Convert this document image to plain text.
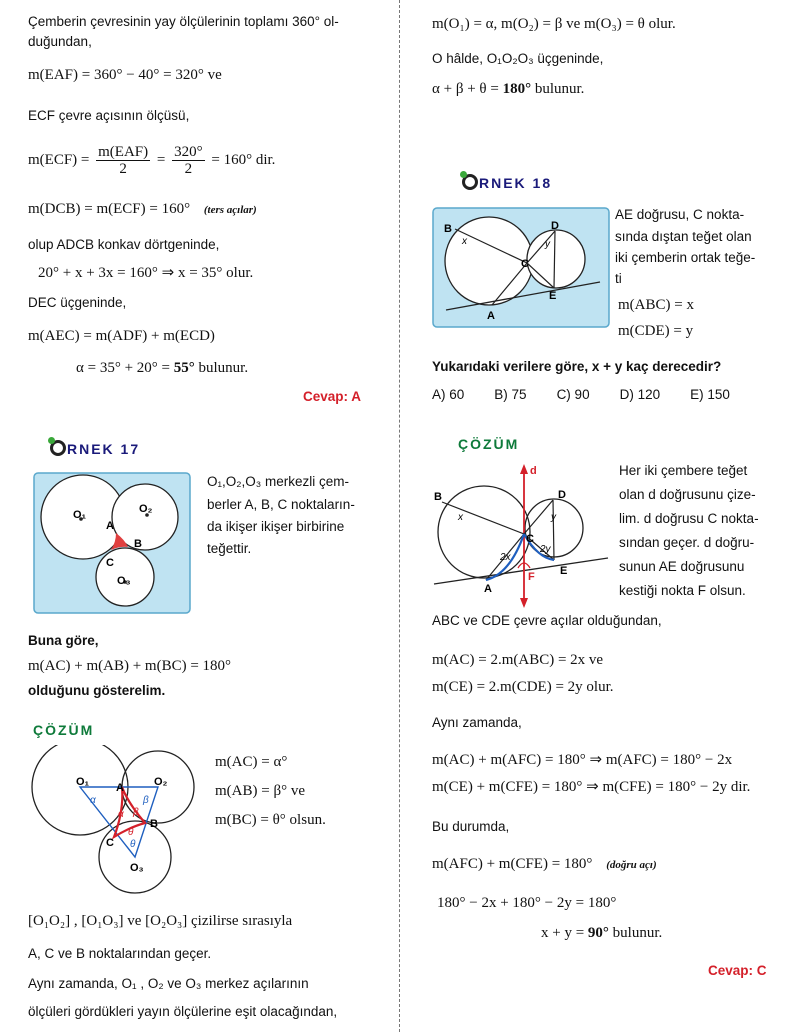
Çemberin çevresinin yay ölçülerinin toplamı 360° ol-
duğundan,
m(EAF) = 360° − 40° = 320° ve
ECF çevre açısının ölçüsü,
$m(ECF) = \frac{\text{m(EAF)}}{2} = \frac{320^\circ}{2} = 160^\circ$ dir.
m(DCB) = m(ECF) = 160° (ters açılar)
olup ADCB konkav dörtgeninde,
20° + x + 3x = 160° ⇒ x = 35° olur.
DEC üçgeninde,
m(AEC) = m(ADF) + m(ECD)
α = 35° + 20° = 55° bulunur.
Cevap: A
RNEK 17
O₁	O₂
O₃
A
B
C
O₁,O₂,O₃ merkezli çem-
berler A, B, C noktaların-
da ikişer ikişer birbirine
teğettir.
Buna göre,
m(AC) + m(AB) + m(BC) = 180°
olduğunu gösterelim.
ÇÖZÜM
O₁	O₂
O₃
A
B
C
α
α
β
β
θ
θ
m(AC) = α°
m(AB) = β° ve
m(BC) = θ° olsun.
[O₁O₂] , [O₁O₃] ve [O₂O₃] çizilirse sırasıyla
A, C ve B noktalarından geçer.
Aynı zamanda, O₁ , O₂ ve O₃ merkez açılarının
ölçüleri gördükleri yayın ölçülerine eşit olacağından,
m(O₁) = α, m(O₂) = β ve m(O₃) = θ olur.
O hâlde, O₁O₂O₃ üçgeninde,
α + β + θ = 180° bulunur.
RNEK 18
B
x
D
y
C
E
A
AE doğrusu, C nokta-
sında dıştan teğet olan
iki çemberin ortak teğe-
ti
m(ABC) = x
m(CDE) = y
Yukarıdaki verilere göre, x + y kaç derecedir?
A) 60 B) 75 C) 90 D) 120 E) 150
ÇÖZÜM
d
B
x
D
y
C
2x
2y
F E
A
Her iki çembere teğet
olan d doğrusunu çize-
lim. d doğrusu C nokta-
sından geçer. d doğru-
sunun AE doğrusunu
kestiği nokta F olsun.
ABC ve CDE çevre açılar olduğundan,
m(AC) = 2.m(ABC) = 2x ve
m(CE) = 2.m(CDE) = 2y olur.
Aynı zamanda,
m(AC) + m(AFC) = 180° ⇒ m(AFC) = 180° − 2x
m(CE) + m(CFE) = 180° ⇒ m(CFE) = 180° − 2y dir.
Bu durumda,
m(AFC) + m(CFE) = 180° (doğru açı)
180° − 2x + 180° − 2y = 180°
x + y = 90° bulunur.
Cevap: C
